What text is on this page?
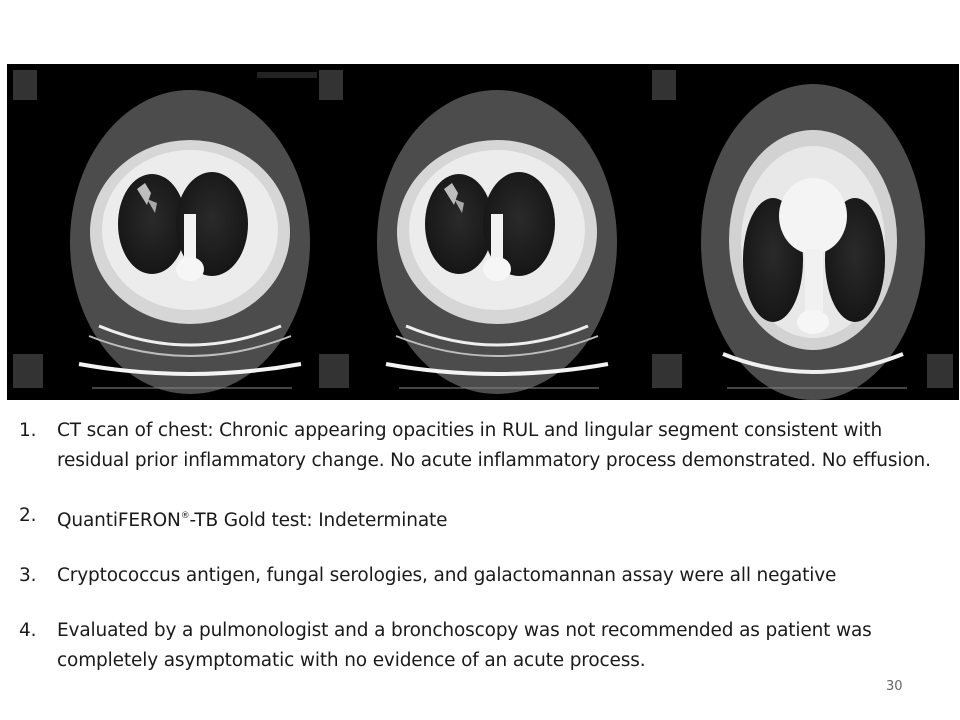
1.	CT scan of chest: Chronic appearing opacities in RUL and lingular segment consistent with residual prior inflammatory change. No acute inflammatory process demonstrated. No effusion.
2.	QuantiFERON®-TB Gold test: Indeterminate
3.	Cryptococcus antigen, fungal serologies, and galactomannan assay were all negative
4.	Evaluated by a pulmonologist and a bronchoscopy was not recommended as patient was completely asymptomatic with no evidence of an acute process.
30
